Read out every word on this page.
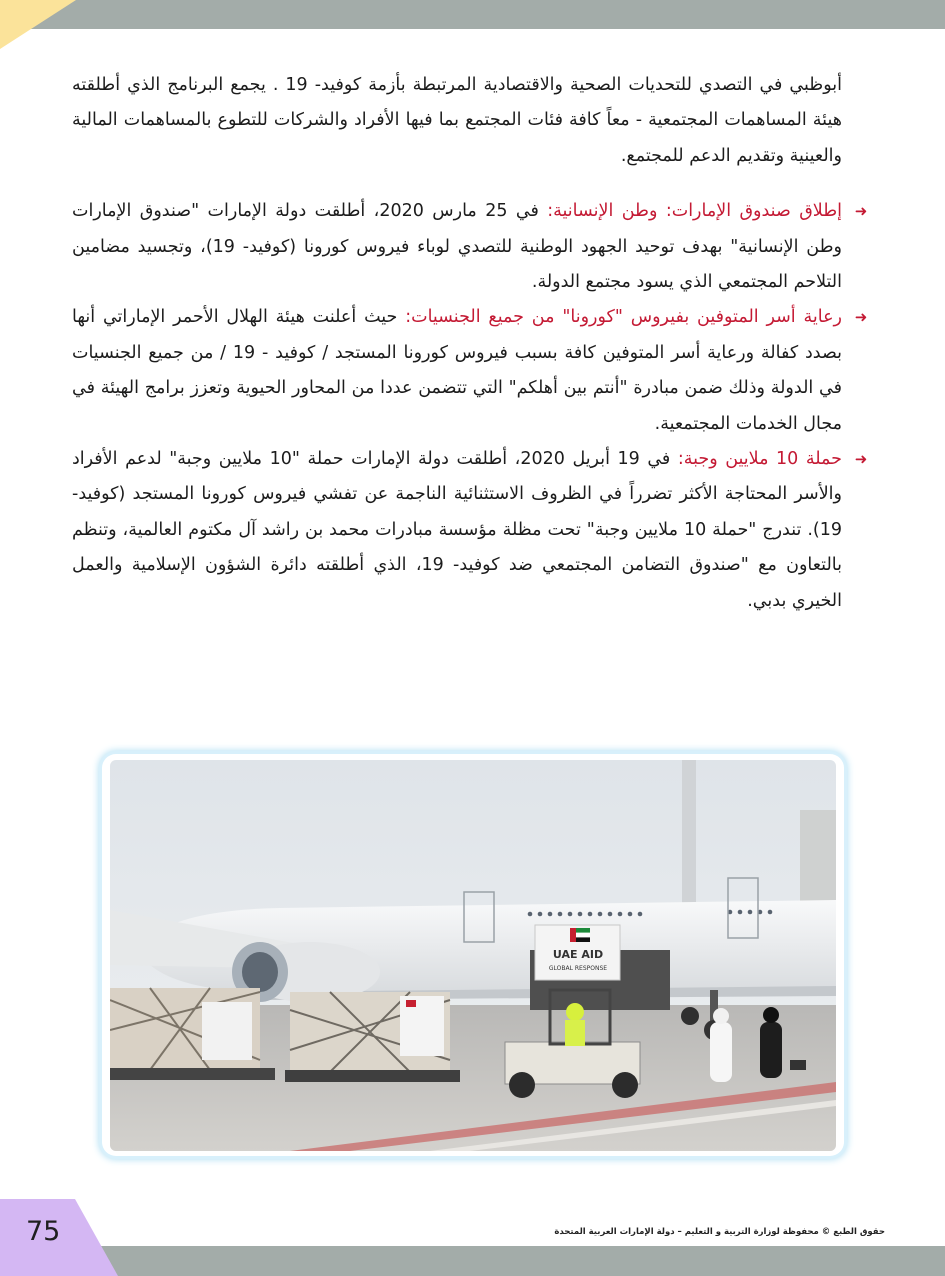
أبوظبي في التصدي للتحديات الصحية والاقتصادية المرتبطة بأزمة كوفيد- 19 . يجمع البرنامج الذي أطلقته هيئة المساهمات المجتمعية - معاً كافة فئات المجتمع بما فيها الأفراد والشركات للتطوع بالمساهمات المالية والعينية وتقديم الدعم للمجتمع.

➜
إطلاق صندوق الإمارات: وطن الإنسانية: في 25 مارس 2020، أطلقت دولة الإمارات "صندوق الإمارات وطن الإنسانية" بهدف توحيد الجهود الوطنية للتصدي لوباء فيروس كورونا (كوفيد- 19)، وتجسيد مضامين التلاحم المجتمعي الذي يسود مجتمع الدولة.

➜
رعاية أسر المتوفين بفيروس "كورونا" من جميع الجنسيات: حيث أعلنت هيئة الهلال الأحمر الإماراتي أنها بصدد كفالة ورعاية أسر المتوفين كافة بسبب فيروس كورونا المستجد / كوفيد - 19 / من جميع الجنسيات في الدولة وذلك ضمن مبادرة "أنتم بين أهلكم" التي تتضمن عددا من المحاور الحيوية وتعزز برامج الهيئة في مجال الخدمات المجتمعية.

➜
حملة 10 ملايين وجبة: في 19 أبريل 2020، أطلقت دولة الإمارات حملة "10 ملايين وجبة" لدعم الأفراد والأسر المحتاجة الأكثر تضرراً في الظروف الاستثنائية الناجمة عن تفشي فيروس كورونا المستجد (كوفيد- 19). تندرج "حملة 10 ملايين وجبة" تحت مظلة مؤسسة مبادرات محمد بن راشد آل مكتوم العالمية، وتنظم بالتعاون مع "صندوق التضامن المجتمعي ضد كوفيد- 19، الذي أطلقته دائرة الشؤون الإسلامية والعمل الخيري بدبي.

UAE AID
GLOBAL RESPONSE
75	حقوق الطبع © محفوظة لوزارة التربية و التعليم – دولة الإمارات العربية المتحدة
